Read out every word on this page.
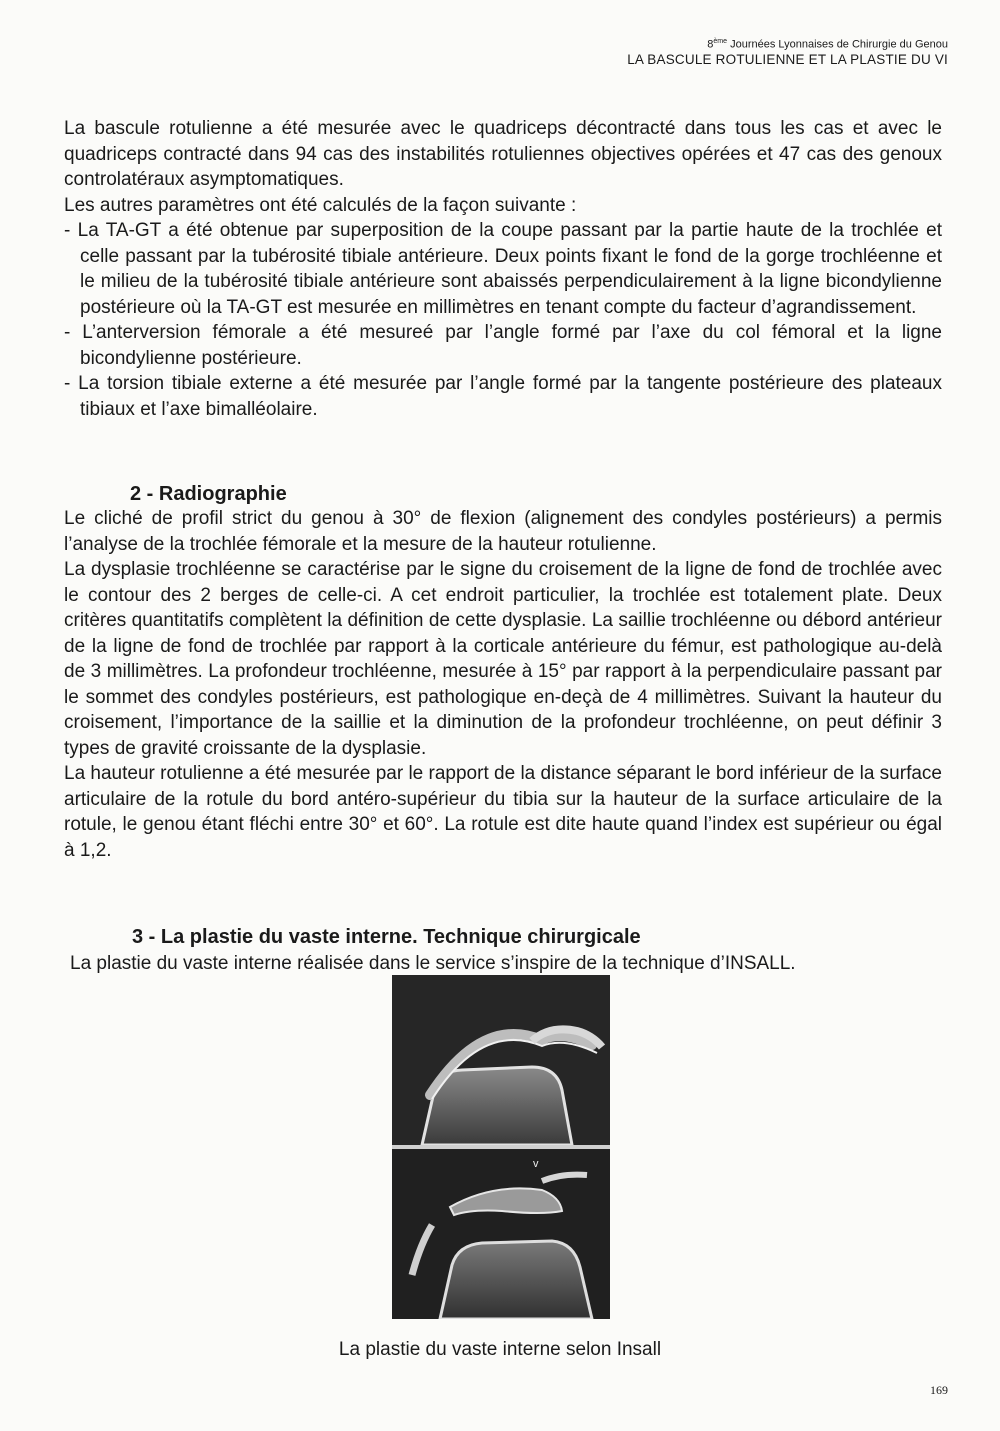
8ème Journées Lyonnaises de Chirurgie du Genou
LA BASCULE ROTULIENNE ET LA PLASTIE DU VI

La bascule rotulienne a été mesurée avec le quadriceps décontracté dans tous les cas et avec le quadriceps contracté dans 94 cas des instabilités rotuliennes objectives opérées et 47 cas des genoux controlatéraux asymptomatiques.

Les autres paramètres ont été calculés de la façon suivante :

- La TA-GT a été obtenue par superposition de la coupe passant par la partie haute de la trochlée et celle passant par la tubérosité tibiale antérieure. Deux points fixant le fond de la gorge trochléenne et le milieu de la tubérosité tibiale antérieure sont abaissés perpendiculairement à la ligne bicondylienne postérieure où la TA-GT est mesurée en millimètres en tenant compte du facteur d’agrandissement.

- L’anterversion fémorale a été mesureé par l’angle formé par l’axe du col fémoral et la ligne bicondylienne postérieure.

- La torsion tibiale externe a été mesurée par l’angle formé par la tangente postérieure des plateaux tibiaux et l’axe bimalléolaire.

2 - Radiographie

Le cliché de profil strict du genou à 30° de flexion (alignement des condyles postérieurs) a permis l’analyse de la trochlée fémorale et la mesure de la hauteur rotulienne.

La dysplasie trochléenne se caractérise par le signe du croisement de la ligne de fond de trochlée avec le contour des 2 berges de celle-ci. A cet endroit particulier, la trochlée est totalement plate. Deux critères quantitatifs complètent la définition de cette dysplasie. La saillie trochléenne ou débord antérieur de la ligne de fond de trochlée par rapport à la corticale antérieure du fémur, est pathologique au-delà de 3 millimètres. La profondeur trochléenne, mesurée à 15° par rapport à la perpendiculaire passant par le sommet des condyles postérieurs, est pathologique en-deçà de 4 millimètres. Suivant la hauteur du croisement, l’importance de la saillie et la diminution de la profondeur trochléenne, on peut définir 3 types de gravité croissante de la dysplasie.

La hauteur rotulienne a été mesurée par le rapport de la distance séparant le bord inférieur de la surface articulaire de la rotule du bord antéro-supérieur du tibia sur la hauteur de la surface articulaire de la rotule, le genou étant fléchi entre 30° et 60°. La rotule est dite haute quand l’index est supérieur ou égal à 1,2.

3 - La plastie du vaste interne. Technique chirurgicale

La plastie du vaste interne réalisée dans le service s’inspire de la technique d’INSALL.

v
La plastie du vaste interne selon Insall
169
